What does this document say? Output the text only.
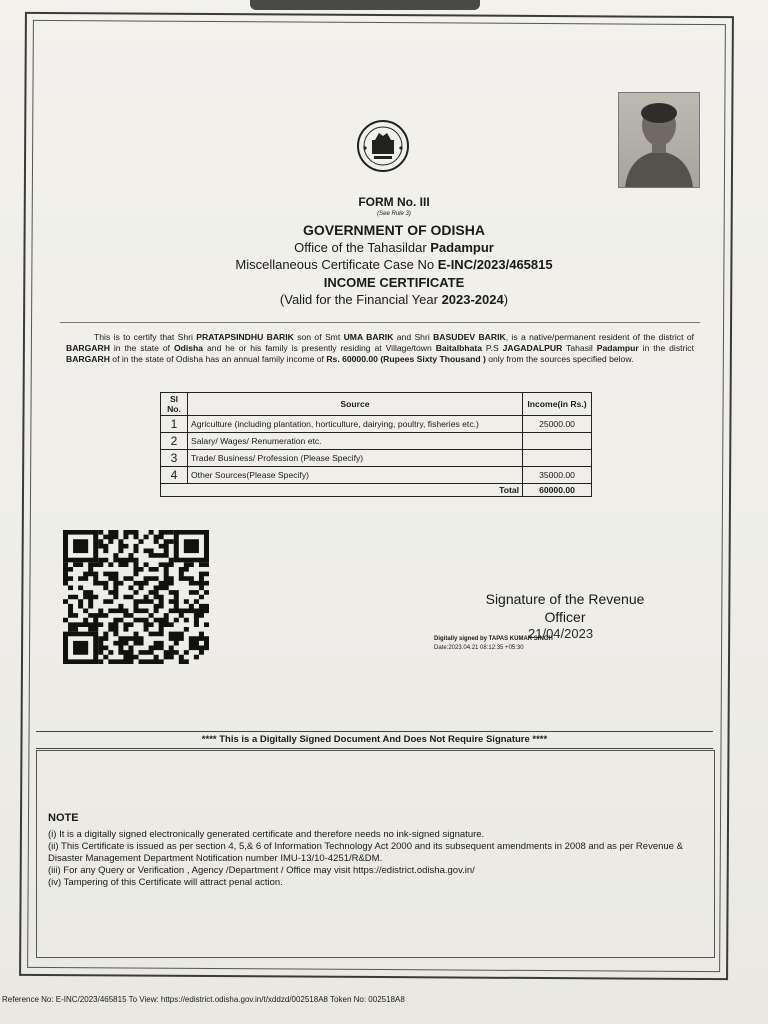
FORM No. III
(See Rule 3)
GOVERNMENT OF ODISHA
Office of the Tahasildar Padampur
Miscellaneous Certificate Case No E-INC/2023/465815
INCOME CERTIFICATE
(Valid for the Financial Year 2023-2024)
This is to certify that Shri PRATAPSINDHU BARIK son of Smt UMA BARIK and Shri BASUDEV BARIK, is a native/permanent resident of the district of BARGARH in the state of Odisha and he or his family is presently residing at Village/town Baitalbhata P.S JAGADALPUR Tahasil Padampur in the district BARGARH of in the state of Odisha has an annual family income of Rs. 60000.00 (Rupees Sixty Thousand ) only from the sources specified below.
Sl No.	Source	Income(in Rs.)
1	Agriculture (including plantation, horticulture, dairying, poultry, fisheries etc.)	25000.00
2	Salary/ Wages/ Renumeration etc.	
3	Trade/ Business/ Profession (Please Specify)	
4	Other Sources(Please Specify)	35000.00
Total		60000.00
Signature of the Revenue
Officer
21/04/2023
Digitally signed by TAPAS KUMAR SINGH
Date:2023.04.21 08:12:35 +05:30
**** This is a Digitally Signed Document And Does Not Require Signature ****
NOTE
(i) It is a digitally signed electronically generated certificate and therefore needs no ink-signed signature.
(ii) This Certificate is issued as per section 4, 5,& 6 of Information Technology Act 2000 and its subsequent amendments in 2008 and as per Revenue & Disaster Management Department Notification number IMU-13/10-4251/R&DM.
(iii) For any Query or Verification , Agency /Department / Office may visit https://edistrict.odisha.gov.in/
(iv) Tampering of this Certificate will attract penal action.
Reference No: E-INC/2023/465815 To View: https://edistrict.odisha.gov.in/t/xddzd/002518A8 Token No: 002518A8
